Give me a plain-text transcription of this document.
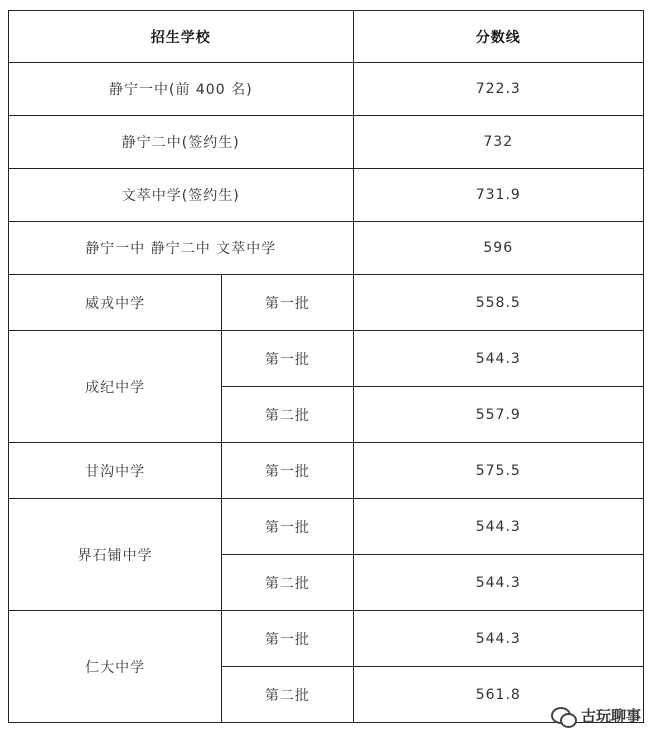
招生学校		分数线
静宁一中(前 400 名)		722.3
静宁二中(签约生)		732
文萃中学(签约生)		731.9
静宁一中 静宁二中 文萃中学		596
威戎中学	第一批	558.5
成纪中学	第一批	544.3
	第二批	557.9
甘沟中学	第一批	575.5
界石铺中学	第一批	544.3
	第二批	544.3
仁大中学	第一批	544.3
	第二批	561.8
古玩聊事
